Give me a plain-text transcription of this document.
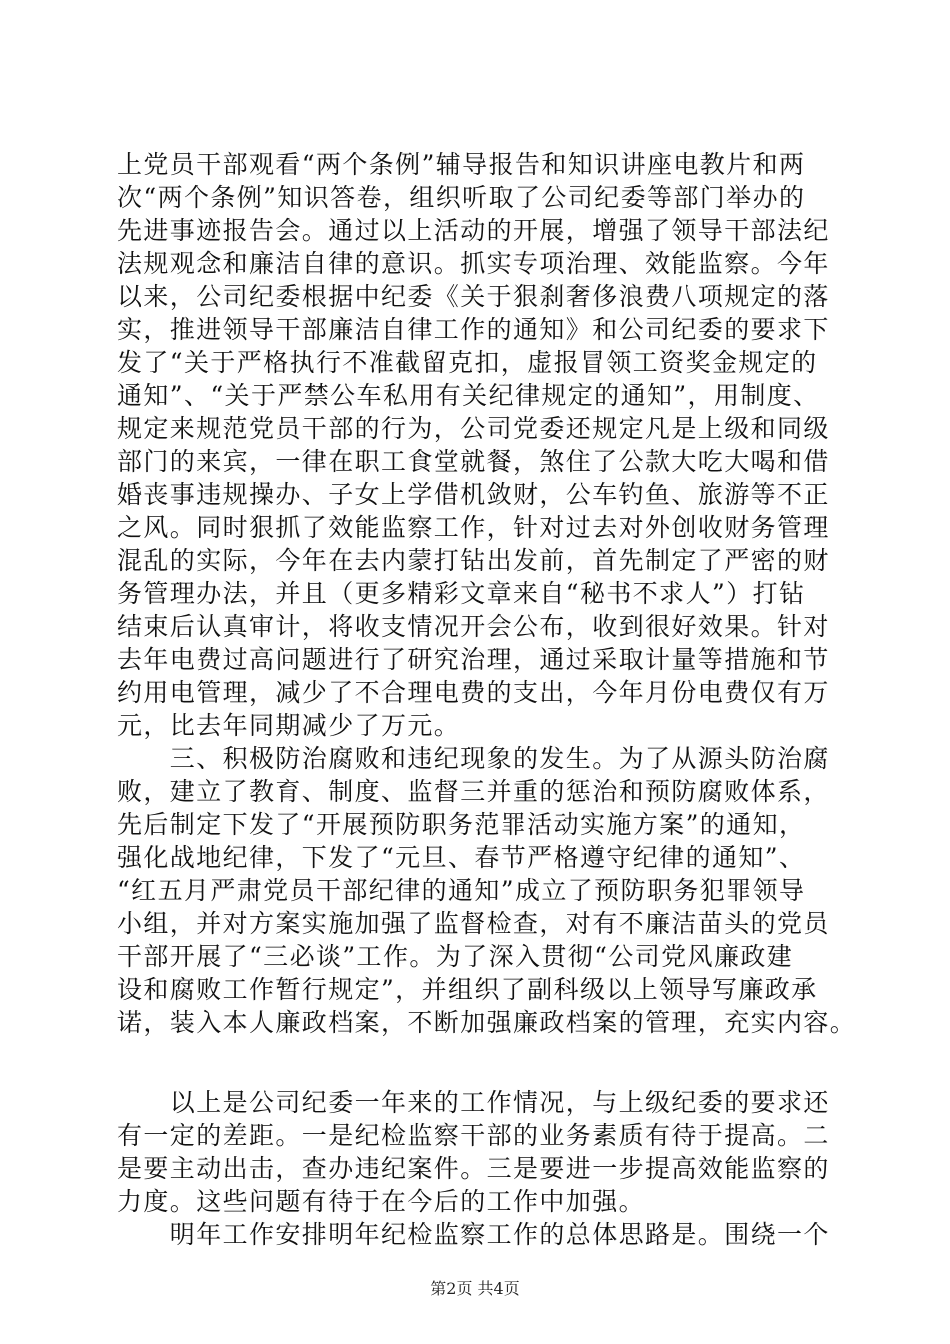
上党员干部观看“两个条例”辅导报告和知识讲座电教片和两
次“两个条例”知识答卷，组织听取了公司纪委等部门举办的
先进事迹报告会。通过以上活动的开展，增强了领导干部法纪
法规观念和廉洁自律的意识。抓实专项治理、效能监察。今年
以来，公司纪委根据中纪委《关于狠刹奢侈浪费八项规定的落
实，推进领导干部廉洁自律工作的通知》和公司纪委的要求下
发了“关于严格执行不准截留克扣，虚报冒领工资奖金规定的
通知”、“关于严禁公车私用有关纪律规定的通知”，用制度、
规定来规范党员干部的行为，公司党委还规定凡是上级和同级
部门的来宾，一律在职工食堂就餐，煞住了公款大吃大喝和借
婚丧事违规操办、子女上学借机敛财，公车钓鱼、旅游等不正
之风。同时狠抓了效能监察工作，针对过去对外创收财务管理
混乱的实际，今年在去内蒙打钻出发前，首先制定了严密的财
务管理办法，并且（更多精彩文章来自“秘书不求人”）打钻
结束后认真审计，将收支情况开会公布，收到很好效果。针对
去年电费过高问题进行了研究治理，通过采取计量等措施和节
约用电管理，减少了不合理电费的支出，今年月份电费仅有万
元，比去年同期减少了万元。
　　三、积极防治腐败和违纪现象的发生。为了从源头防治腐
败，建立了教育、制度、监督三并重的惩治和预防腐败体系，
先后制定下发了“开展预防职务范罪活动实施方案”的通知，
强化战地纪律，下发了“元旦、春节严格遵守纪律的通知”、
“红五月严肃党员干部纪律的通知”成立了预防职务犯罪领导
小组，并对方案实施加强了监督检查，对有不廉洁苗头的党员
干部开展了“三必谈”工作。为了深入贯彻“公司党风廉政建
设和腐败工作暂行规定”，并组织了副科级以上领导写廉政承
诺，装入本人廉政档案，不断加强廉政档案的管理，充实内容。
　　以上是公司纪委一年来的工作情况，与上级纪委的要求还
有一定的差距。一是纪检监察干部的业务素质有待于提高。二
是要主动出击，查办违纪案件。三是要进一步提高效能监察的
力度。这些问题有待于在今后的工作中加强。
　　明年工作安排明年纪检监察工作的总体思路是。围绕一个
第2页 共4页
